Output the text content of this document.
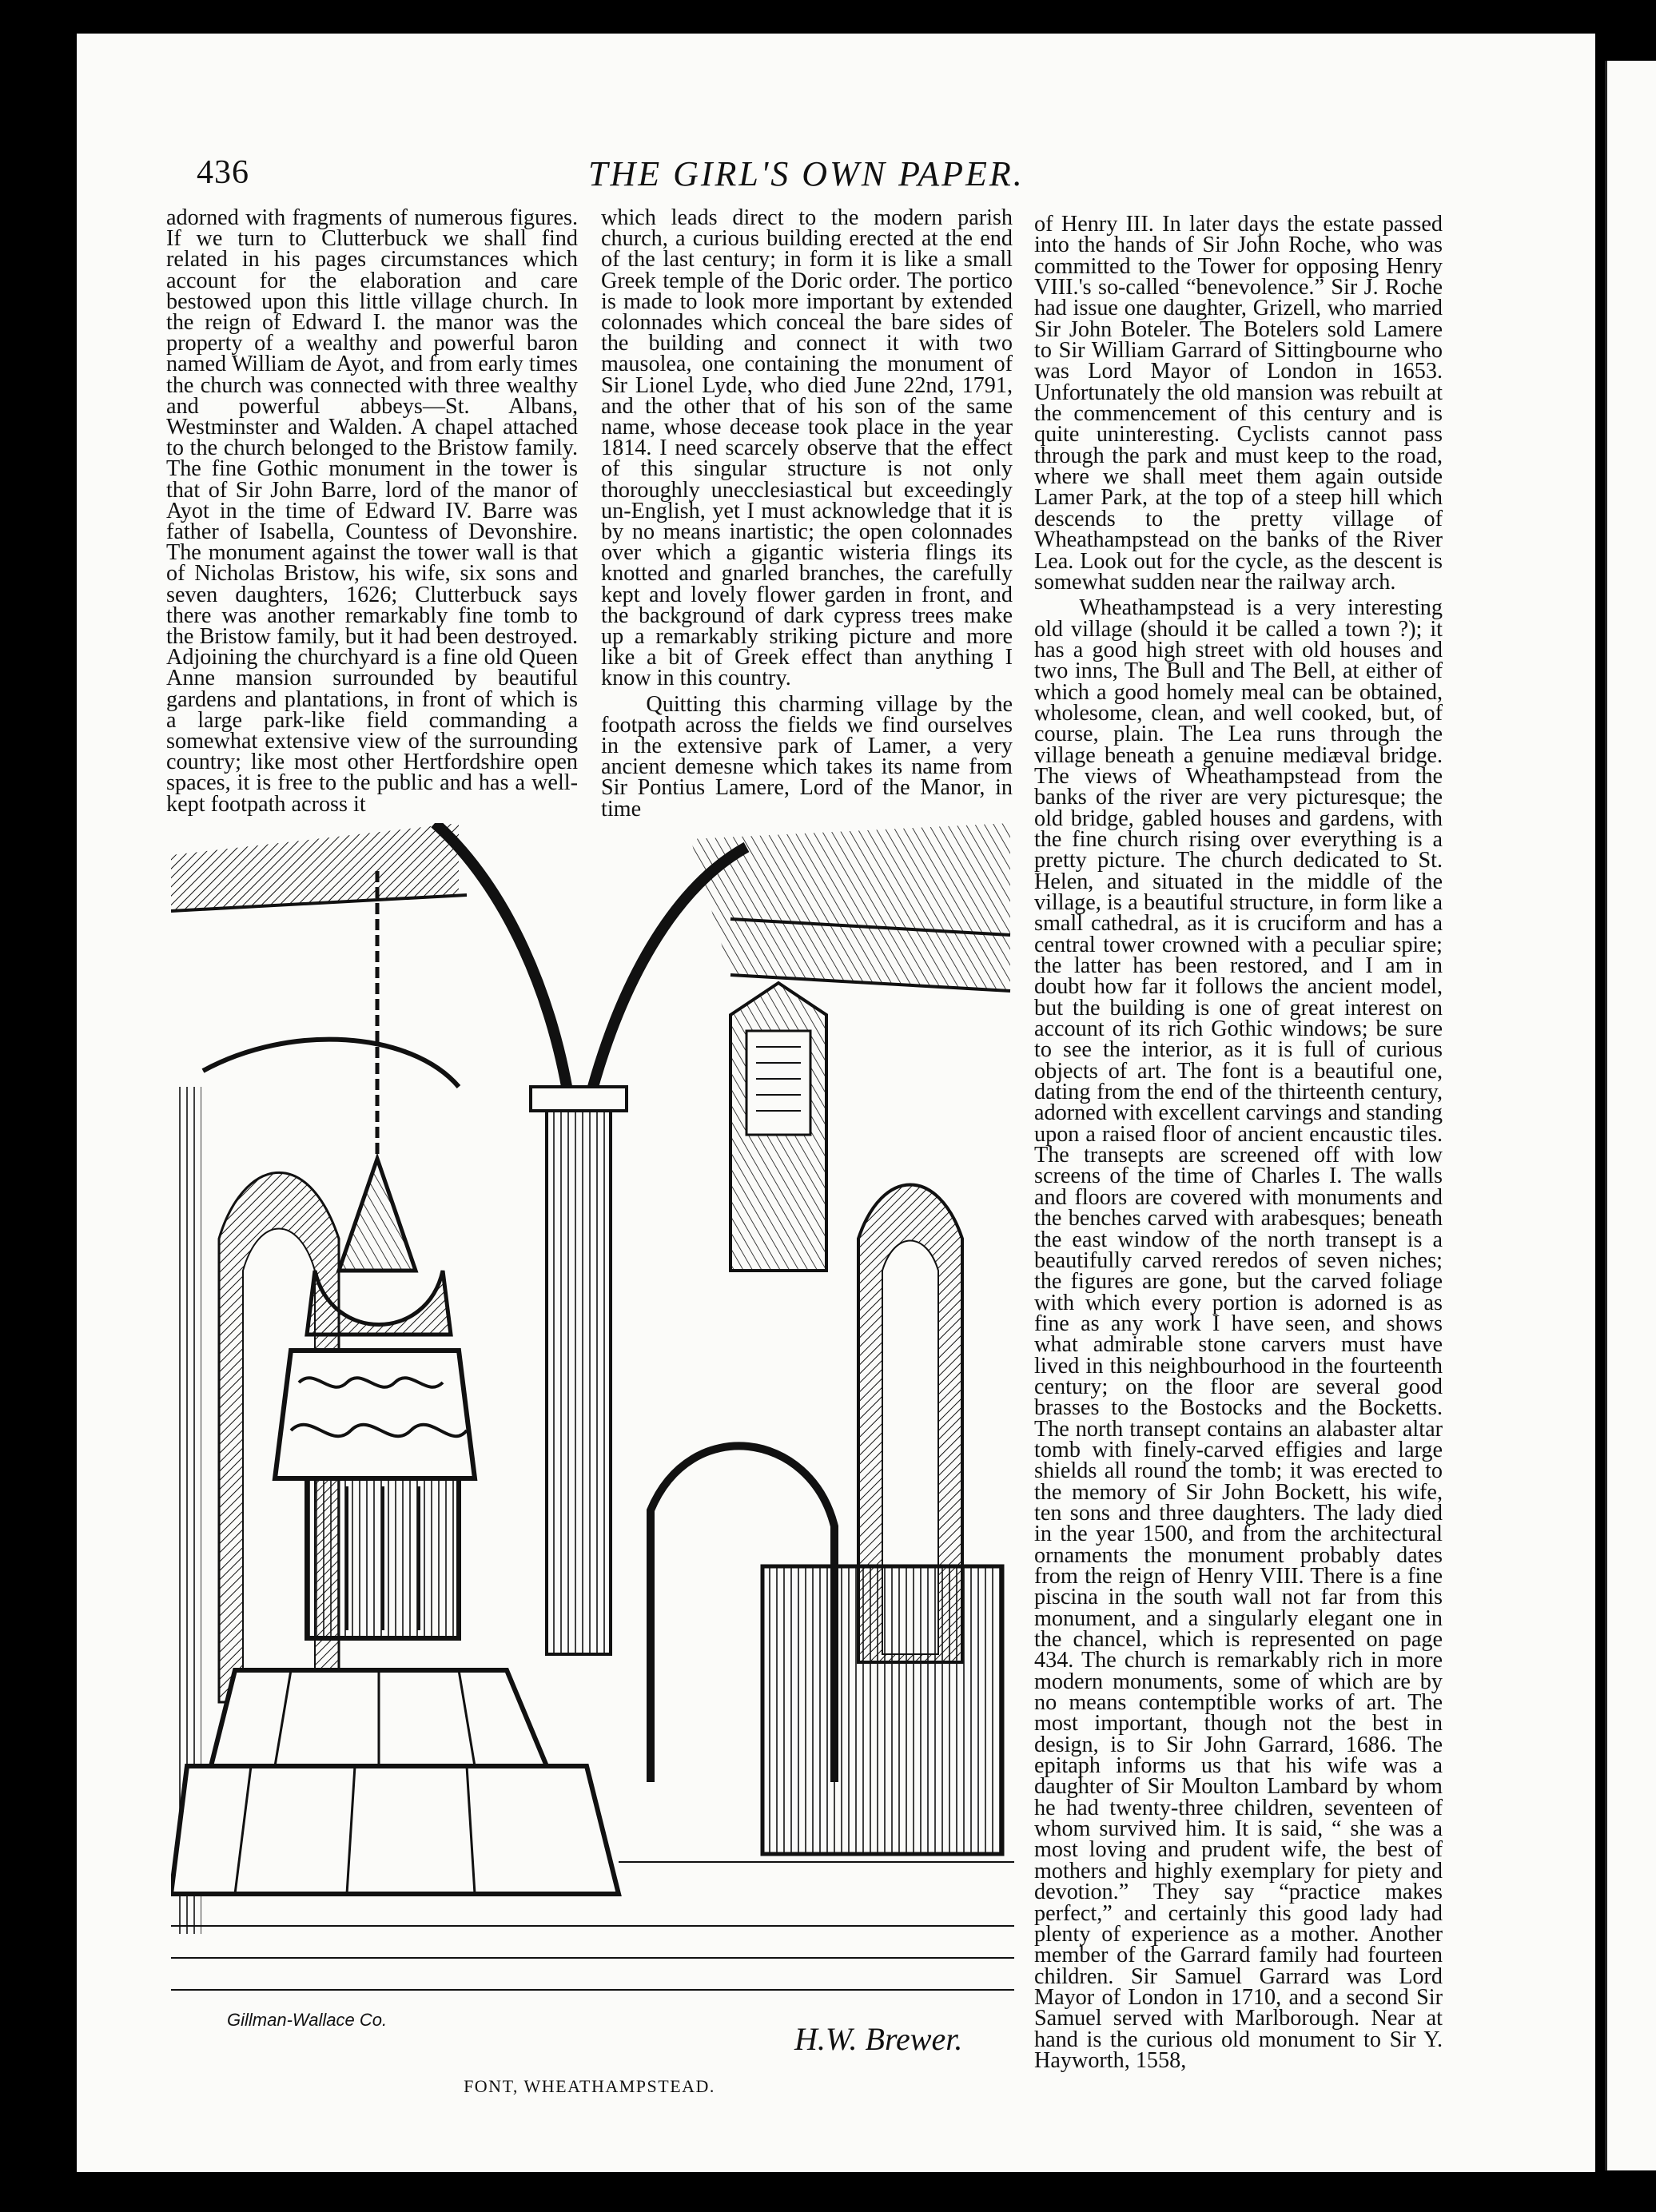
436	THE GIRL'S OWN PAPER.

adorned with fragments of numerous figures. If we turn to Clutterbuck we shall find related in his pages circumstances which account for the elaboration and care bestowed upon this little village church. In the reign of Edward I. the manor was the property of a wealthy and powerful baron named William de Ayot, and from early times the church was connected with three wealthy and powerful abbeys—St. Albans, Westminster and Walden. A chapel attached to the church belonged to the Bristow family. The fine Gothic monument in the tower is that of Sir John Barre, lord of the manor of Ayot in the time of Edward IV. Barre was father of Isabella, Countess of Devonshire. The monument against the tower wall is that of Nicholas Bristow, his wife, six sons and seven daughters, 1626; Clutterbuck says there was another remarkably fine tomb to the Bristow family, but it had been destroyed. Adjoining the churchyard is a fine old Queen Anne mansion surrounded by beautiful gardens and plantations, in front of which is a large park-like field commanding a somewhat extensive view of the surrounding country; like most other Hertfordshire open spaces, it is free to the public and has a well-kept footpath across it

which leads direct to the modern parish church, a curious building erected at the end of the last century; in form it is like a small Greek temple of the Doric order. The portico is made to look more important by extended colonnades which conceal the bare sides of the building and connect it with two mausolea, one containing the monument of Sir Lionel Lyde, who died June 22nd, 1791, and the other that of his son of the same name, whose decease took place in the year 1814. I need scarcely observe that the effect of this singular structure is not only thoroughly unecclesiastical but exceedingly un-English, yet I must acknowledge that it is by no means inartistic; the open colonnades over which a gigantic wisteria flings its knotted and gnarled branches, the carefully kept and lovely flower garden in front, and the background of dark cypress trees make up a remarkably striking picture and more like a bit of Greek effect than anything I know in this country.

Quitting this charming village by the footpath across the fields we find ourselves in the extensive park of Lamer, a very ancient demesne which takes its name from Sir Pontius Lamere, Lord of the Manor, in time

of Henry III. In later days the estate passed into the hands of Sir John Roche, who was committed to the Tower for opposing Henry VIII.'s so-called “benevolence.” Sir J. Roche had issue one daughter, Grizell, who married Sir John Boteler. The Botelers sold Lamere to Sir William Garrard of Sittingbourne who was Lord Mayor of London in 1653. Unfortunately the old mansion was rebuilt at the commencement of this century and is quite uninteresting. Cyclists cannot pass through the park and must keep to the road, where we shall meet them again outside Lamer Park, at the top of a steep hill which descends to the pretty village of Wheathampstead on the banks of the River Lea. Look out for the cycle, as the descent is somewhat sudden near the railway arch.

Wheathampstead is a very interesting old village (should it be called a town ?); it has a good high street with old houses and two inns, The Bull and The Bell, at either of which a good homely meal can be obtained, wholesome, clean, and well cooked, but, of course, plain. The Lea runs through the village beneath a genuine mediæval bridge. The views of Wheathampstead from the banks of the river are very picturesque; the old bridge, gabled houses and gardens, with the fine church rising over everything is a pretty picture. The church dedicated to St. Helen, and situated in the middle of the village, is a beautiful structure, in form like a small cathedral, as it is cruciform and has a central tower crowned with a peculiar spire; the latter has been restored, and I am in doubt how far it follows the ancient model, but the building is one of great interest on account of its rich Gothic windows; be sure to see the interior, as it is full of curious objects of art. The font is a beautiful one, dating from the end of the thirteenth century, adorned with excellent carvings and standing upon a raised floor of ancient encaustic tiles. The transepts are screened off with low screens of the time of Charles I. The walls and floors are covered with monuments and the benches carved with arabesques; beneath the east window of the north transept is a beautifully carved reredos of seven niches; the figures are gone, but the carved foliage with which every portion is adorned is as fine as any work I have seen, and shows what admirable stone carvers must have lived in this neighbourhood in the fourteenth century; on the floor are several good brasses to the Bostocks and the Bocketts. The north transept contains an alabaster altar tomb with finely-carved effigies and large shields all round the tomb; it was erected to the memory of Sir John Bockett, his wife, ten sons and three daughters. The lady died in the year 1500, and from the architectural ornaments the monument probably dates from the reign of Henry VIII. There is a fine piscina in the south wall not far from this monument, and a singularly elegant one in the chancel, which is represented on page 434. The church is remarkably rich in more modern monuments, some of which are by no means contemptible works of art. The most important, though not the best in design, is to Sir John Garrard, 1686. The epitaph informs us that his wife was a daughter of Sir Moulton Lambard by whom he had twenty-three children, seventeen of whom survived him. It is said, “ she was a most loving and prudent wife, the best of mothers and highly exemplary for piety and devotion.” They say “practice makes perfect,” and certainly this good lady had plenty of experience as a mother. Another member of the Garrard family had fourteen children. Sir Samuel Garrard was Lord Mayor of London in 1710, and a second Sir Samuel served with Marlborough. Near at hand is the curious old monument to Sir Y. Hayworth, 1558,

Gillman-Wallace Co.
H.W. Brewer.
FONT, WHEATHAMPSTEAD.
